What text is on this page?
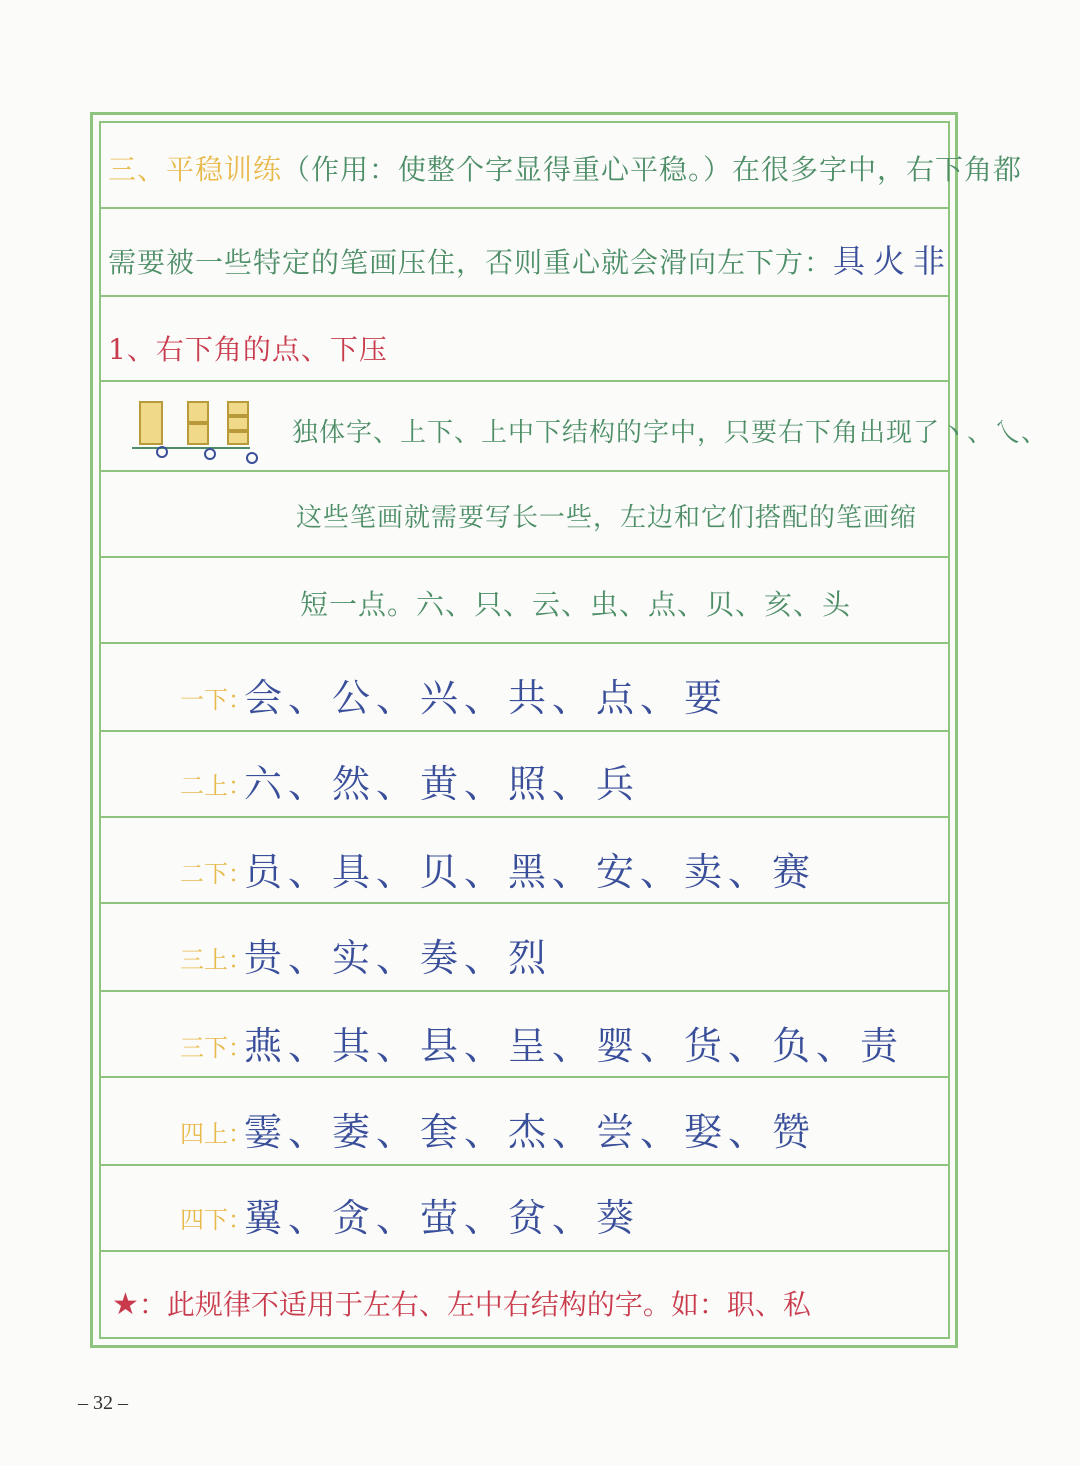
三、平稳训练（作用：使整个字显得重心平稳。）在很多字中，右下角都
需要被一些特定的笔画压住，否则重心就会滑向左下方：具火非
1、右下角的点、下压
独体字、上下、上中下结构的字中，只要右下角出现了丶、乀、
这些笔画就需要写长一些，左边和它们搭配的笔画缩
短一点。六、只、云、虫、点、贝、亥、头
一下：
会、公、兴、共、点、要
二上：
六、然、黄、照、兵
二下：
员、具、贝、黑、安、卖、赛
三上：
贵、实、奏、烈
三下：
燕、其、县、呈、婴、货、负、责
四上：
霎、萎、套、杰、尝、娶、赞
四下：
翼、贪、萤、贫、葵
★：此规律不适用于左右、左中右结构的字。如：职、私
– 32 –
